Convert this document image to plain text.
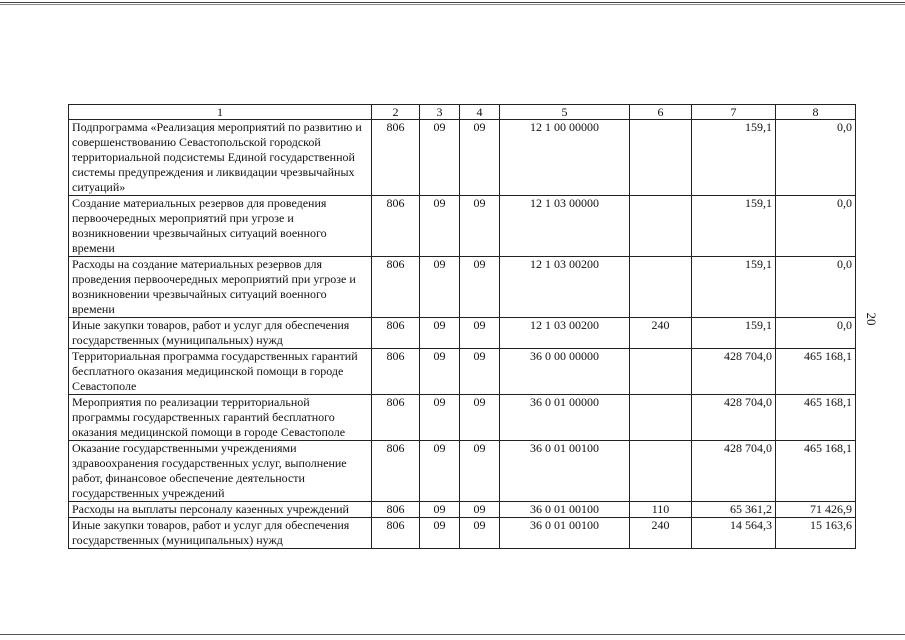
20
1	2	3	4	5	6	7	8
Подпрограмма «Реализация мероприятий по развитию и совершенствованию Севастопольской городской территориальной подсистемы Единой государственной системы предупреждения и ликвидации чрезвычайных ситуаций»	806	09	09	12 1 00 00000		159,1	0,0
Создание материальных резервов для проведения первоочередных мероприятий при угрозе и возникновении чрезвычайных ситуаций военного времени	806	09	09	12 1 03 00000		159,1	0,0
Расходы на создание материальных резервов для проведения первоочередных мероприятий при угрозе и возникновении чрезвычайных ситуаций военного времени	806	09	09	12 1 03 00200		159,1	0,0
Иные закупки товаров, работ и услуг для обеспечения государственных (муниципальных) нужд	806	09	09	12 1 03 00200	240	159,1	0,0
Территориальная программа государственных гарантий бесплатного оказания медицинской помощи в городе Севастополе	806	09	09	36 0 00 00000		428 704,0	465 168,1
Мероприятия по реализации территориальной программы государственных гарантий бесплатного оказания медицинской помощи в городе Севастополе	806	09	09	36 0 01 00000		428 704,0	465 168,1
Оказание государственными учреждениями здравоохранения государственных услуг, выполнение работ, финансовое обеспечение деятельности государственных учреждений	806	09	09	36 0 01 00100		428 704,0	465 168,1
Расходы на выплаты персоналу казенных учреждений	806	09	09	36 0 01 00100	110	65 361,2	71 426,9
Иные закупки товаров, работ и услуг для обеспечения государственных (муниципальных) нужд	806	09	09	36 0 01 00100	240	14 564,3	15 163,6
